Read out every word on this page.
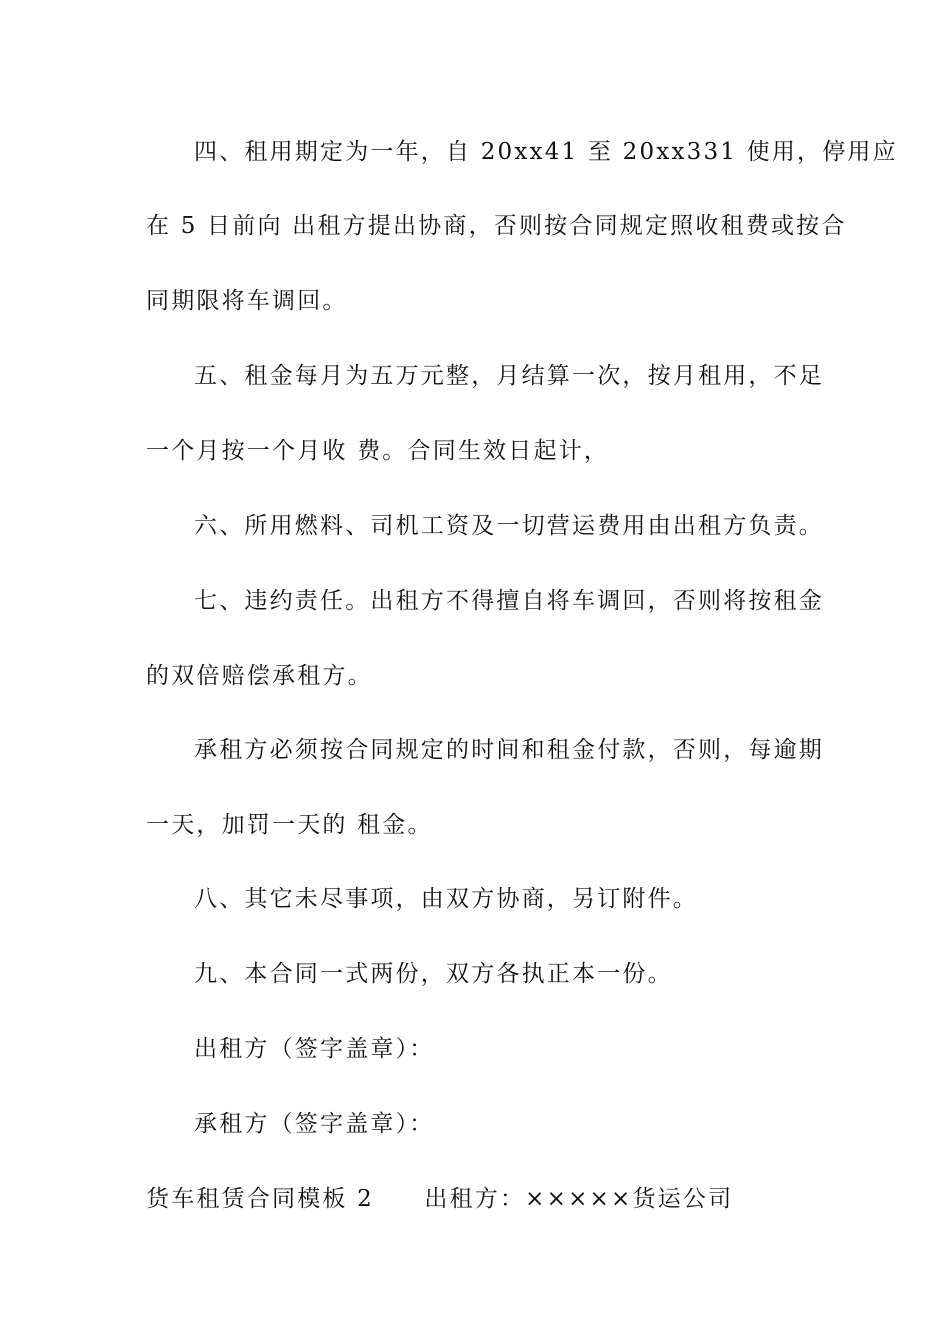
四、租用期定为一年，自 20xx41 至 20xx331 使用，停用应
在 5 日前向 出租方提出协商，否则按合同规定照收租费或按合
同期限将车调回。
五、租金每月为五万元整，月结算一次，按月租用，不足
一个月按一个月收 费。合同生效日起计，
六、所用燃料、司机工资及一切营运费用由出租方负责。
七、违约责任。出租方不得擅自将车调回，否则将按租金
的双倍赔偿承租方。
承租方必须按合同规定的时间和租金付款，否则，每逾期
一天，加罚一天的 租金。
八、其它未尽事项，由双方协商，另订附件。
九、本合同一式两份，双方各执正本一份。
出租方（签字盖章）：
承租方（签字盖章）：
货车租赁合同模板 2　　出租方：×××××货运公司
